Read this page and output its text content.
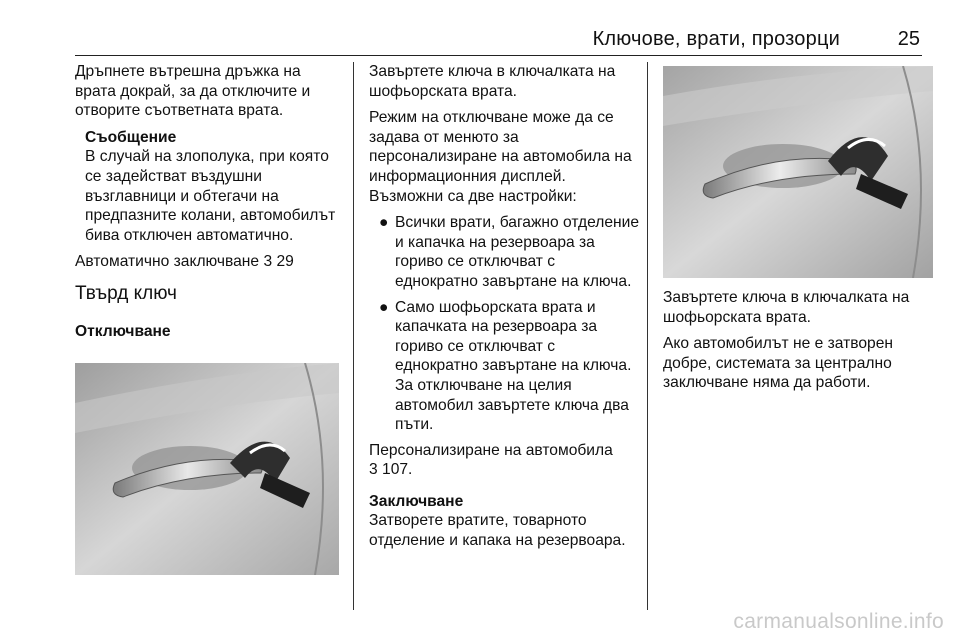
Ключове, врати, прозорци	25

Дръпнете вътрешна дръжка на врата докрай, за да отключите и отворите съответната врата.

Съобщение

В случай на злополука, при която се задействат въздушни възглавници и обтегачи на предпазните колани, автомобилът бива отключен автоматично.

Автоматично заключване 3 29

Твърд ключ

Отключване

Завъртете ключа в ключалката на шофьорската врата.

Режим на отключване може да се задава от менюто за персонализиране на автомобила на информационния дисплей. Възможни са две настройки:

● Всички врати, багажно отделение и капачка на резервоара за гориво се отключват с еднократно завъртане на ключа.
● Само шофьорската врата и капачката на резервоара за гориво се отключват с еднократно завъртане на ключа. За отключване на целия автомобил завъртете ключа два пъти.

Персонализиране на автомобила
3 107.

Заключване

Затворете вратите, товарното отделение и капака на резервоара.

Завъртете ключа в ключалката на шофьорската врата.

Ако автомобилът не е затворен добре, системата за централно заключване няма да работи.

carmanualsonline.info
